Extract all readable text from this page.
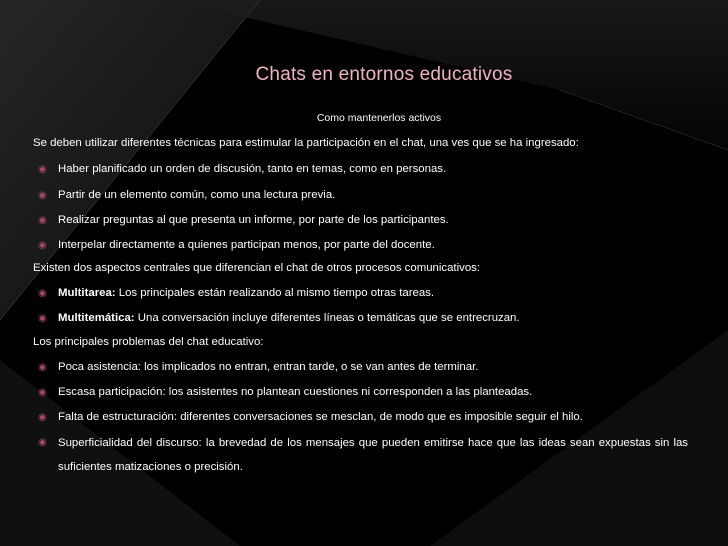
Chats en entornos educativos
Como mantenerlos activos
Se deben utilizar diferentes técnicas para estimular la participación en el chat, una ves que se ha ingresado:
◉ Haber planificado un orden de discusión, tanto en temas, como en personas.
◉ Partir de un elemento común, como una lectura previa.
◉ Realizar preguntas al que presenta un informe, por parte de los participantes.
◉ Interpelar directamente a quienes participan menos, por parte del docente.
Existen dos aspectos centrales que diferencian el chat de otros procesos comunicativos:
◉ Multitarea: Los principales están realizando al mismo tiempo otras tareas.
◉ Multitemática: Una conversación incluye diferentes líneas o temáticas que se entrecruzan.
Los principales problemas del chat educativo:
◉ Poca asistencia: los implicados no entran, entran tarde, o se van antes de terminar.
◉ Escasa participación: los asistentes no plantean cuestiones ni corresponden a las planteadas.
◉ Falta de estructuración: diferentes conversaciones se mesclan, de modo que es imposible seguir el hilo.
◉ Superficialidad del discurso: la brevedad de los mensajes que pueden emitirse hace que las ideas sean expuestas sin las suficientes matizaciones o precisión.
